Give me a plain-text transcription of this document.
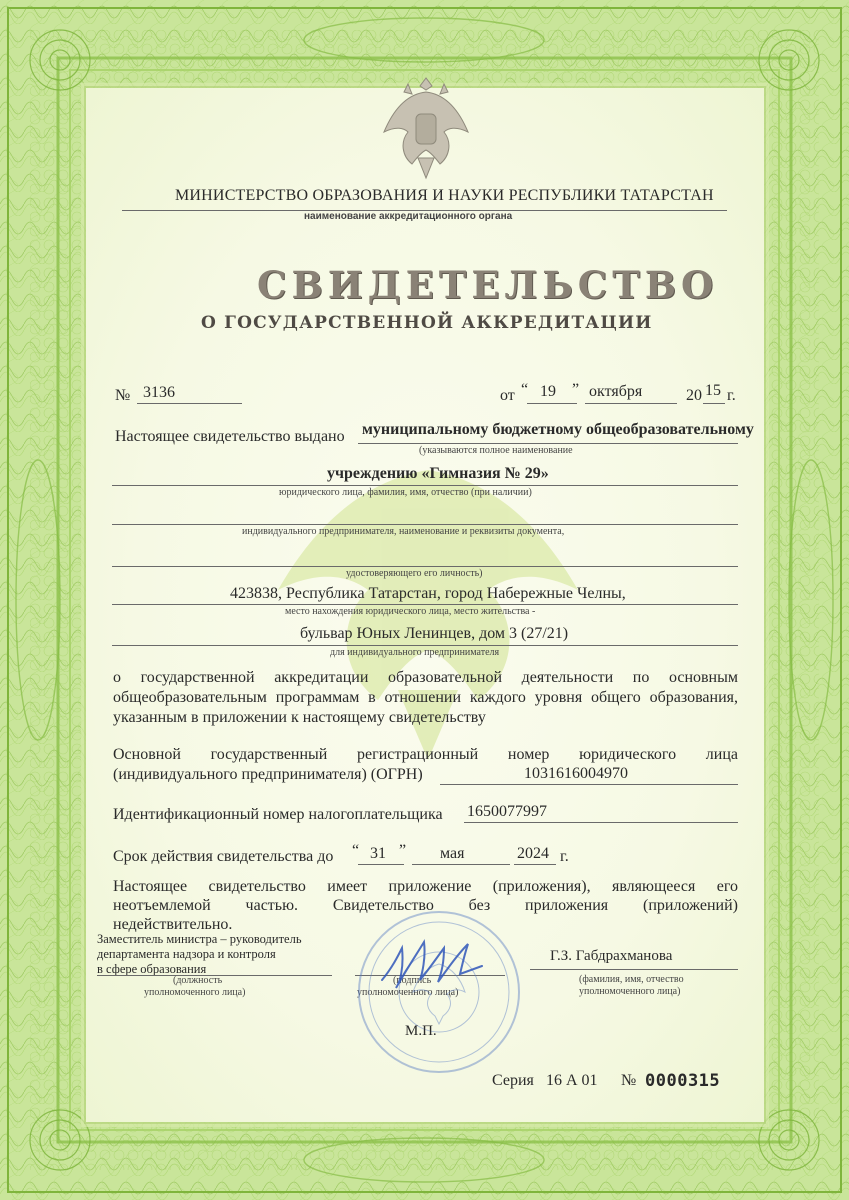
МИНИСТЕРСТВО ОБРАЗОВАНИЯ И НАУКИ РЕСПУБЛИКИ ТАТАРСТАН
наименование аккредитационного органа
СВИДЕТЕЛЬСТВО
О ГОСУДАРСТВЕННОЙ АККРЕДИТАЦИИ
№ 3136	от “ 19 ” октября	20 15 г.
Настоящее свидетельство выдано муниципальному бюджетному общеобразовательному
(указываются полное наименование
учреждению «Гимназия № 29»
юридического лица, фамилия, имя, отчество (при наличии)
индивидуального предпринимателя, наименование и реквизиты документа,
удостоверяющего его личность)
423838, Республика Татарстан, город Набережные Челны,
место нахождения юридического лица, место жительства -
бульвар Юных Ленинцев, дом 3 (27/21)
для индивидуального предпринимателя
о государственной аккредитации образовательной деятельности по основным
общеобразовательным программам в отношении каждого уровня общего образования,
указанным в приложении к настоящему свидетельству
Основной государственный регистрационный номер юридического лица
(индивидуального предпринимателя) (ОГРН)	1031616004970
Идентификационный номер налогоплательщика 1650077997
Срок действия свидетельства до “ 31 ” мая	2024 г.
Настоящее свидетельство имеет приложение (приложения), являющееся его
неотъемлемой частью. Свидетельство без приложения (приложений)
недействительно.
Заместитель министра – руководитель
департамента надзора и контроля
в сфере образования
(должность
уполномоченного лица)
(подпись
уполномоченного лица)
Г.З. Габдрахманова
(фамилия, имя, отчество
уполномоченного лица)
М.П.
Серия 16 А 01 № 0000315
